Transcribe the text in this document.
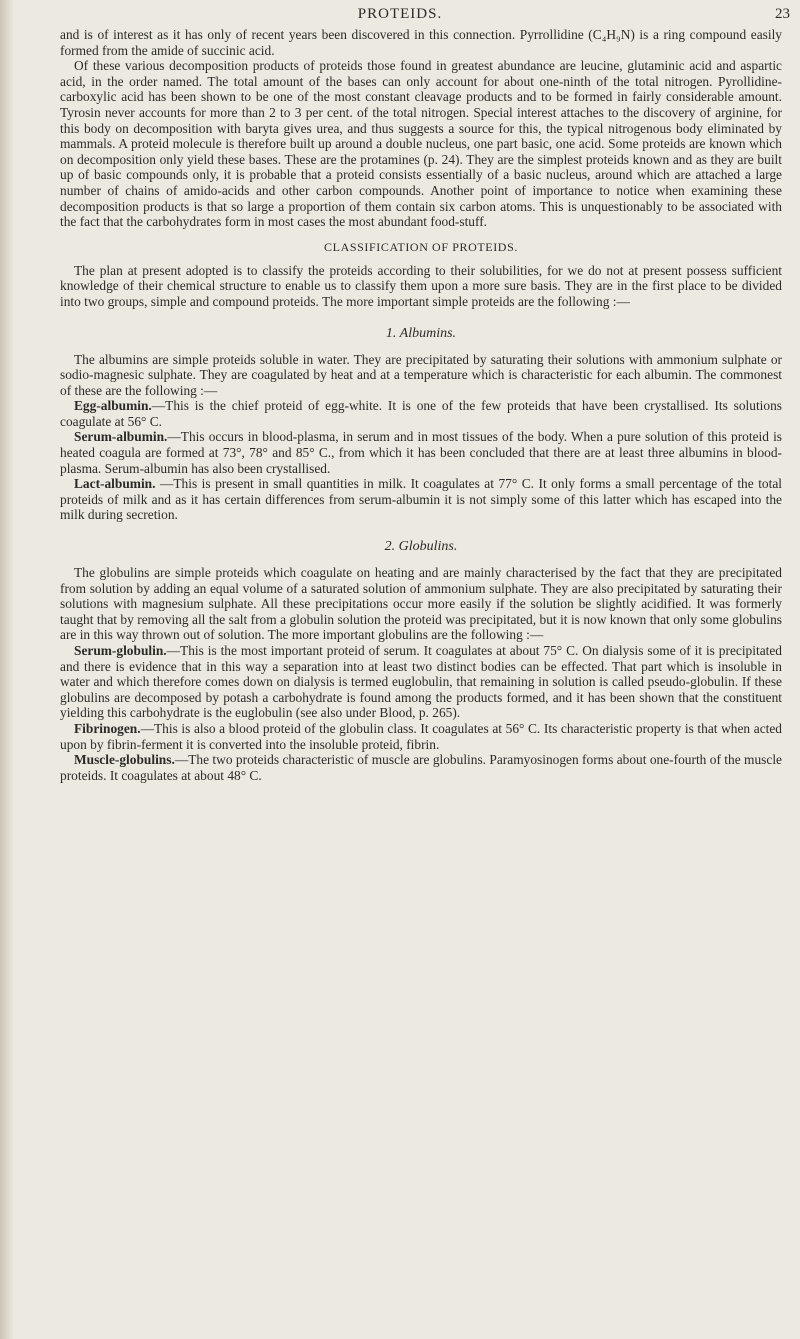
PROTEIDS.	23

and is of interest as it has only of recent years been discovered in this connection. Pyrrollidine (C₄H₉N) is a ring compound easily formed from the amide of succinic acid.

Of these various decomposition products of proteids those found in greatest abundance are leucine, glutaminic acid and aspartic acid, in the order named. The total amount of the bases can only account for about one-ninth of the total nitrogen. Pyrollidine-carboxylic acid has been shown to be one of the most constant cleavage products and to be formed in fairly considerable amount. Tyrosin never accounts for more than 2 to 3 per cent. of the total nitrogen. Special interest attaches to the discovery of arginine, for this body on decomposition with baryta gives urea, and thus suggests a source for this, the typical nitrogenous body eliminated by mammals. A proteid molecule is therefore built up around a double nucleus, one part basic, one acid. Some proteids are known which on decomposition only yield these bases. These are the protamines (p. 24). They are the simplest proteids known and as they are built up of basic compounds only, it is probable that a proteid consists essentially of a basic nucleus, around which are attached a large number of chains of amido-acids and other carbon compounds. Another point of importance to notice when examining these decomposition products is that so large a proportion of them contain six carbon atoms. This is unquestionably to be associated with the fact that the carbohydrates form in most cases the most abundant food-stuff.

CLASSIFICATION OF PROTEIDS.

The plan at present adopted is to classify the proteids according to their solubilities, for we do not at present possess sufficient knowledge of their chemical structure to enable us to classify them upon a more sure basis. They are in the first place to be divided into two groups, simple and compound proteids. The more important simple proteids are the following :—

1. Albumins.

The albumins are simple proteids soluble in water. They are precipitated by saturating their solutions with ammonium sulphate or sodio-magnesic sulphate. They are coagulated by heat and at a temperature which is characteristic for each albumin. The commonest of these are the following :—

Egg-albumin.—This is the chief proteid of egg-white. It is one of the few proteids that have been crystallised. Its solutions coagulate at 56° C.

Serum-albumin.—This occurs in blood-plasma, in serum and in most tissues of the body. When a pure solution of this proteid is heated coagula are formed at 73°, 78° and 85° C., from which it has been concluded that there are at least three albumins in blood-plasma. Serum-albumin has also been crystallised.

Lact-albumin. —This is present in small quantities in milk. It coagulates at 77° C. It only forms a small percentage of the total proteids of milk and as it has certain differences from serum-albumin it is not simply some of this latter which has escaped into the milk during secretion.

2. Globulins.

The globulins are simple proteids which coagulate on heating and are mainly characterised by the fact that they are precipitated from solution by adding an equal volume of a saturated solution of ammonium sulphate. They are also precipitated by saturating their solutions with magnesium sulphate. All these precipitations occur more easily if the solution be slightly acidified. It was formerly taught that by removing all the salt from a globulin solution the proteid was precipitated, but it is now known that only some globulins are in this way thrown out of solution. The more important globulins are the following :—

Serum-globulin.—This is the most important proteid of serum. It coagulates at about 75° C. On dialysis some of it is precipitated and there is evidence that in this way a separation into at least two distinct bodies can be effected. That part which is insoluble in water and which therefore comes down on dialysis is termed euglobulin, that remaining in solution is called pseudo-globulin. If these globulins are decomposed by potash a carbohydrate is found among the products formed, and it has been shown that the constituent yielding this carbohydrate is the euglobulin (see also under Blood, p. 265).

Fibrinogen.—This is also a blood proteid of the globulin class. It coagulates at 56° C. Its characteristic property is that when acted upon by fibrin-ferment it is converted into the insoluble proteid, fibrin.

Muscle-globulins.—The two proteids characteristic of muscle are globulins. Paramyosinogen forms about one-fourth of the muscle proteids. It coagulates at about 48° C.
